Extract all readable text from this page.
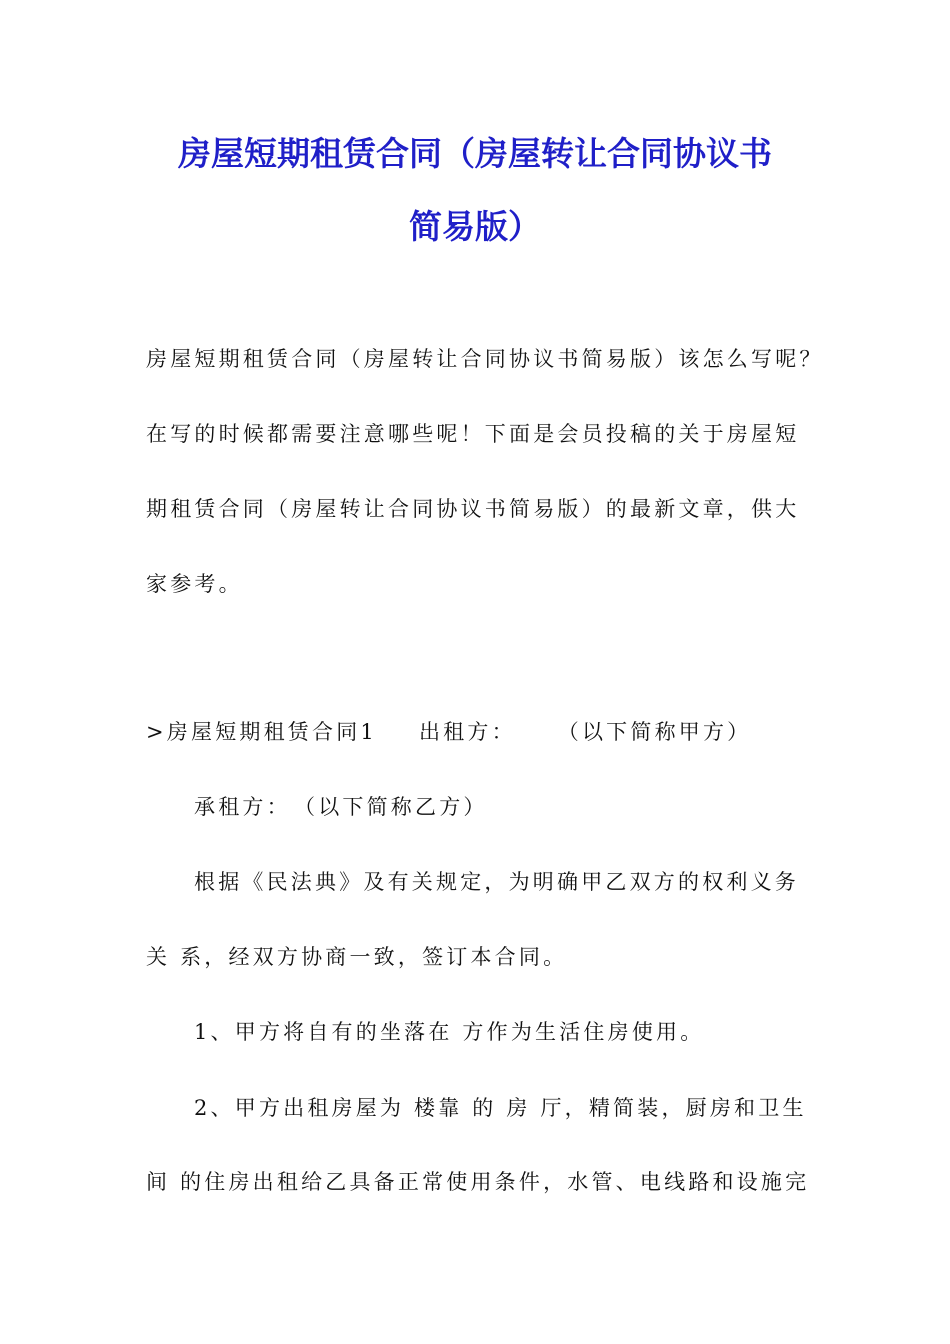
房屋短期租赁合同（房屋转让合同协议书
简易版）
房屋短期租赁合同（房屋转让合同协议书简易版）该怎么写呢？
在写的时候都需要注意哪些呢！下面是会员投稿的关于房屋短
期租赁合同（房屋转让合同协议书简易版）的最新文章，供大
家参考。
>房屋短期租赁合同1 出租方： （以下简称甲方）
承租方：　（以下简称乙方）
根据《民法典》及有关规定，为明确甲乙双方的权利义务
关 系，经双方协商一致，签订本合同。
1、甲方将自有的坐落在 方作为生活住房使用。
2、甲方出租房屋为 楼靠 的 房 厅，精简装，厨房和卫生
间 的住房出租给乙具备正常使用条件，水管、电线路和设施完
